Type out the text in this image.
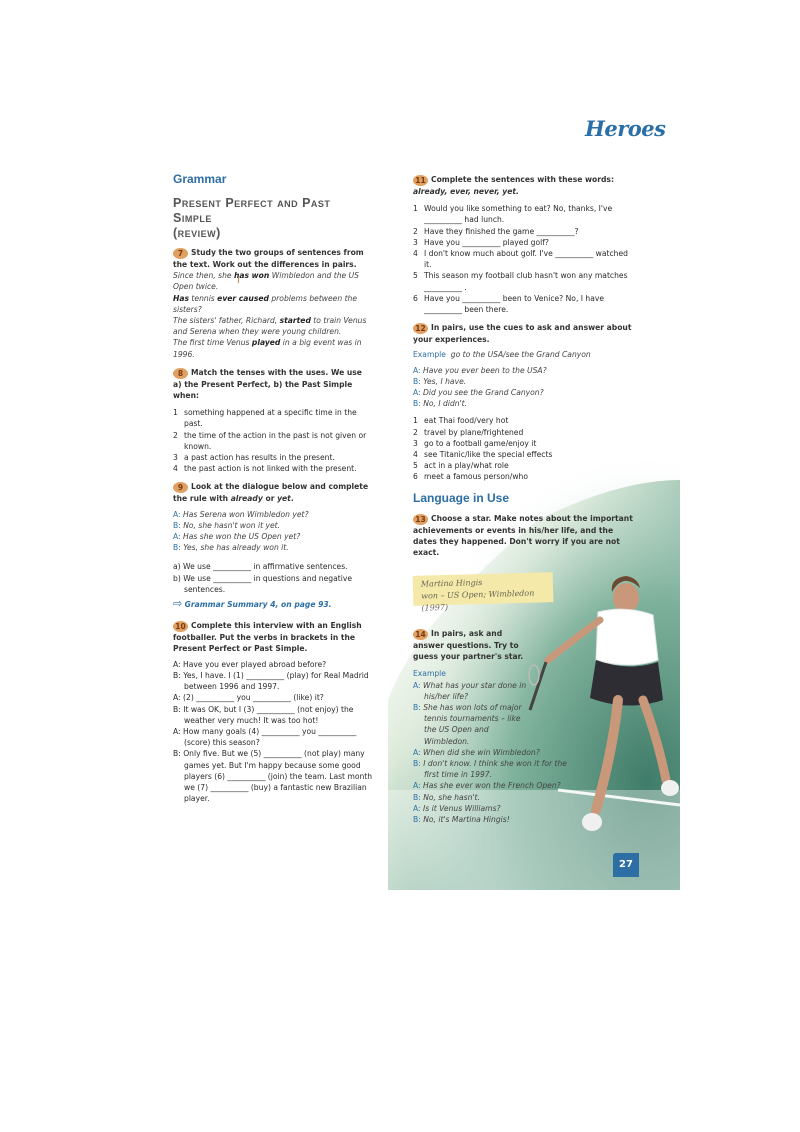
Heroes
Grammar
Present Perfect and Past Simple
(review)
7 Study the two groups of sentences from the text. Work out the differences in pairs.
Since then, she has won Wimbledon and the US Open twice.
Has tennis ever caused problems between the sisters?
The sisters' father, Richard, started to train Venus and Serena when they were young children.
The first time Venus played in a big event was in 1996.
8 Match the tenses with the uses. We use a) the Present Perfect, b) the Past Simple when:
1 something happened at a specific time in the past.
2 the time of the action in the past is not given or known.
3 a past action has results in the present.
4 the past action is not linked with the present.
9 Look at the dialogue below and complete the rule with already or yet.
A: Has Serena won Wimbledon yet?
B: No, she hasn't won it yet.
A: Has she won the US Open yet?
B: Yes, she has already won it.
a) We use __________ in affirmative sentences.
b) We use __________ in questions and negative sentences.
⇨ Grammar Summary 4, on page 93.
10 Complete this interview with an English footballer. Put the verbs in brackets in the Present Perfect or Past Simple.
A: Have you ever played abroad before?
B: Yes, I have. I (1) __________ (play) for Real Madrid between 1996 and 1997.
A: (2) __________ you __________ (like) it?
B: It was OK, but I (3) __________ (not enjoy) the weather very much! It was too hot!
A: How many goals (4) __________ you __________ (score) this season?
B: Only five. But we (5) __________ (not play) many games yet. But I'm happy because some good players (6) __________ (join) the team. Last month we (7) __________ (buy) a fantastic new Brazilian player.
11 Complete the sentences with these words: already, ever, never, yet.
1 Would you like something to eat? No, thanks, I've __________ had lunch.
2 Have they finished the game __________?
3 Have you __________ played golf?
4 I don't know much about golf. I've __________ watched it.
5 This season my football club hasn't won any matches __________ .
6 Have you __________ been to Venice? No, I have __________ been there.
12 In pairs, use the cues to ask and answer about your experiences.
Example go to the USA/see the Grand Canyon
A: Have you ever been to the USA?
B: Yes, I have.
A: Did you see the Grand Canyon?
B: No, I didn't.
1 eat Thai food/very hot
2 travel by plane/frightened
3 go to a football game/enjoy it
4 see Titanic/like the special effects
5 act in a play/what role
6 meet a famous person/who
Language in Use
13 Choose a star. Make notes about the important achievements or events in his/her life, and the dates they happened. Don't worry if you are not exact.
Martina Hingis
won – US Open; Wimbledon (1997)
14 In pairs, ask and answer questions. Try to guess your partner's star.
Example
A: What has your star done in his/her life?
B: She has won lots of major tennis tournaments – like the US Open and Wimbledon.
A: When did she win Wimbledon?
B: I don't know. I think she won it for the first time in 1997.
A: Has she ever won the French Open?
B: No, she hasn't.
A: Is it Venus Williams?
B: No, it's Martina Hingis!
27
